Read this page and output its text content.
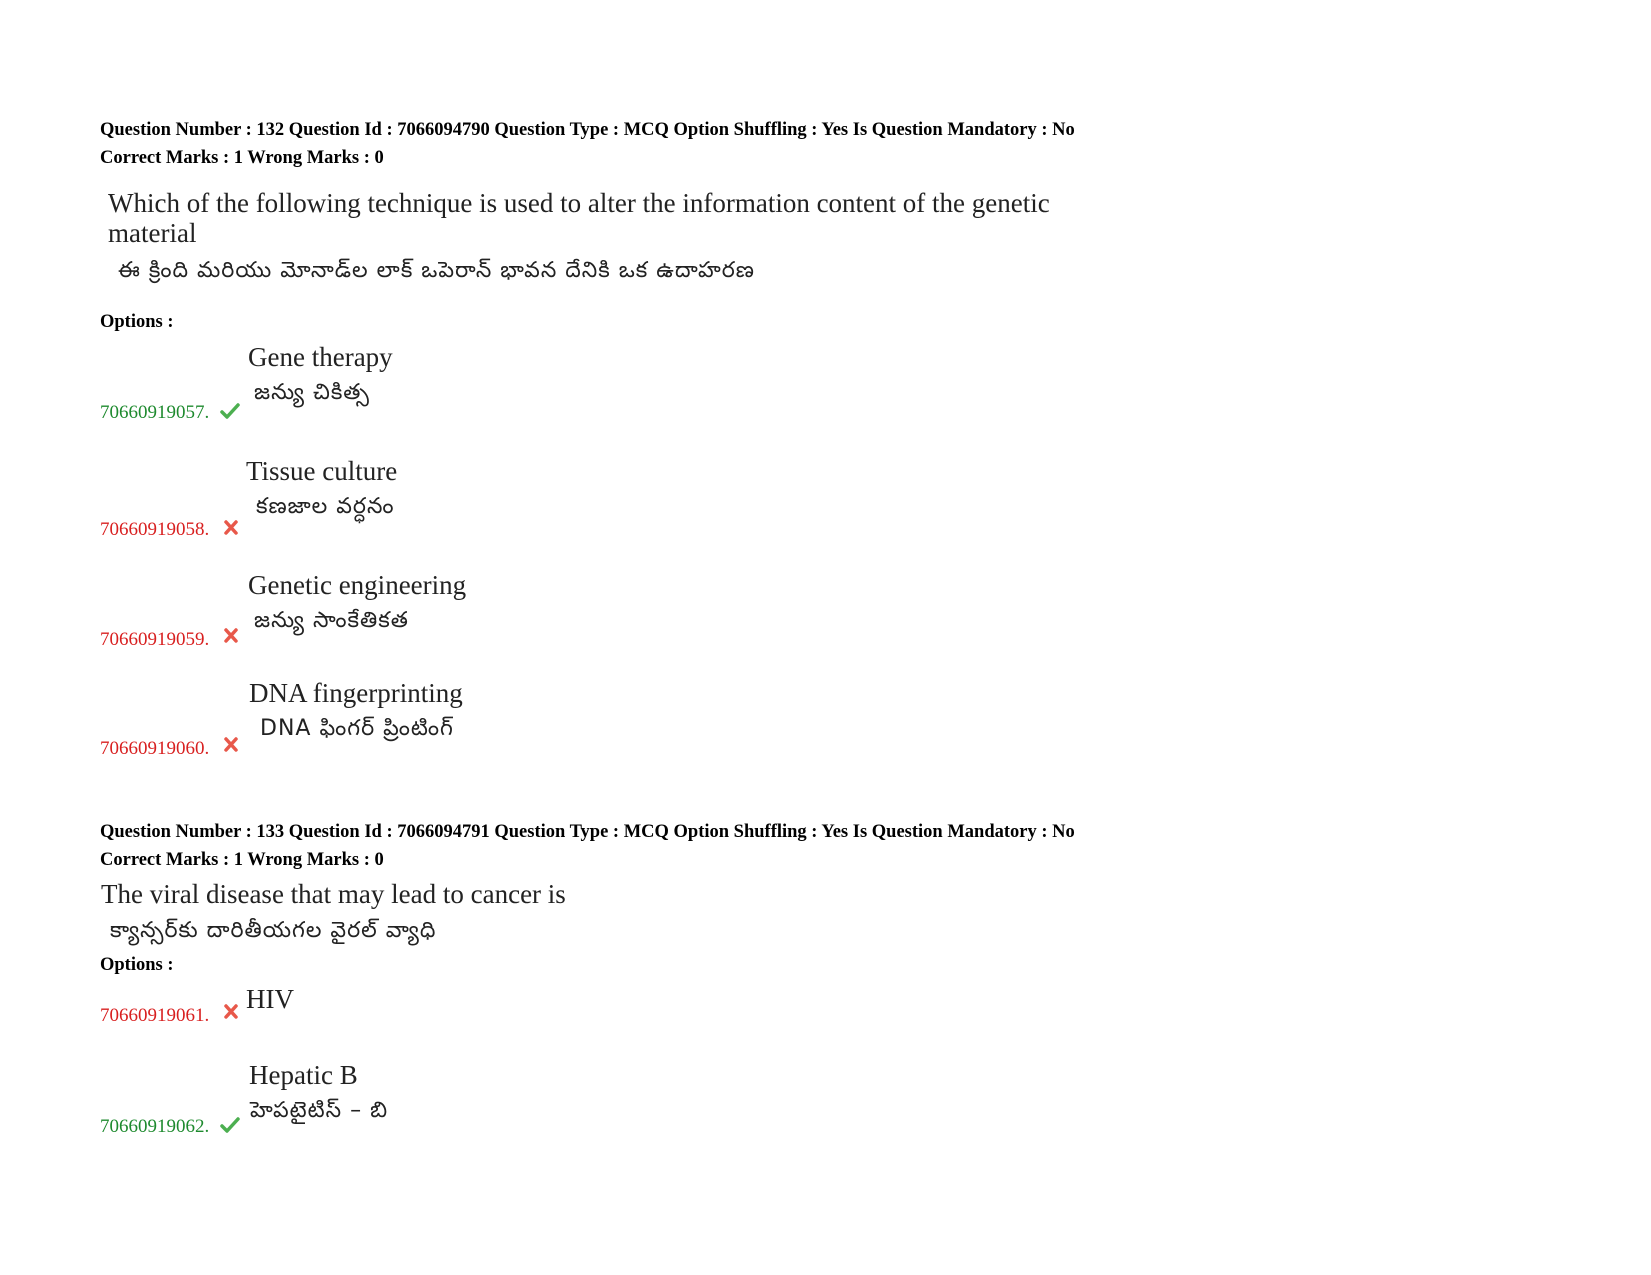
Question Number : 132 Question Id : 7066094790 Question Type : MCQ Option Shuffling : Yes Is Question Mandatory : No
Correct Marks : 1 Wrong Marks : 0
Which of the following technique is used to alter the information content of the genetic
material
ఈ క్రింది మరియు మోనాడ్‌ల లాక్ ఒపెరాన్ భావన దేనికి ఒక ఉదాహరణ
Options :
Gene therapy
జన్యు చికిత్స
70660919057.
Tissue culture
కణజాల వర్ధనం
70660919058.
Genetic engineering
జన్యు సాంకేతికత
70660919059.
DNA fingerprinting
DNA ఫింగర్ ప్రింటింగ్
70660919060.
Question Number : 133 Question Id : 7066094791 Question Type : MCQ Option Shuffling : Yes Is Question Mandatory : No
Correct Marks : 1 Wrong Marks : 0
The viral disease that may lead to cancer is
క్యాన్సర్‌కు దారితీయగల వైరల్ వ్యాధి
Options :
HIV
70660919061.
Hepatic B
హెపటైటిస్ – బి
70660919062.
